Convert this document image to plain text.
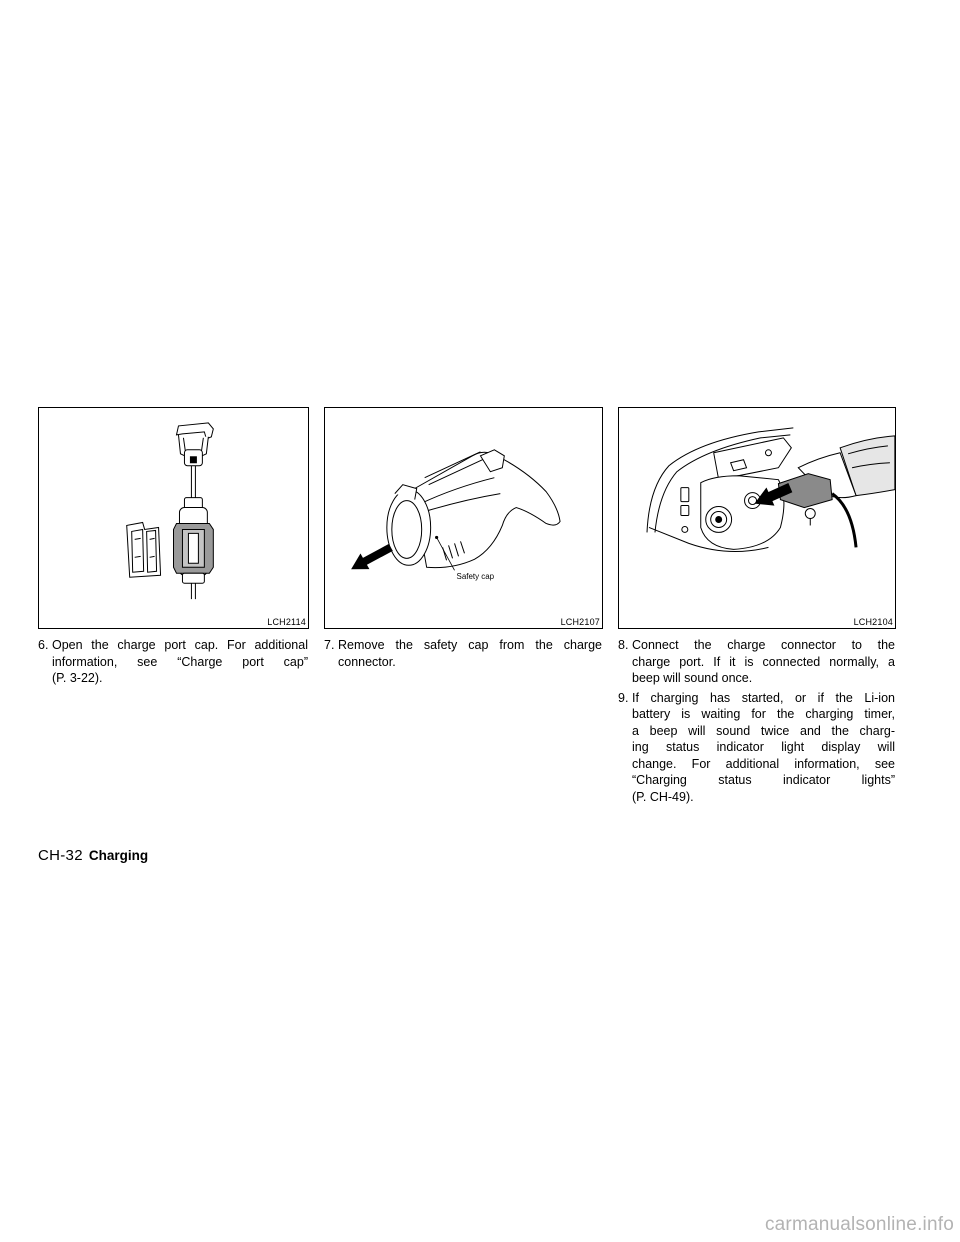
LCH2114
Safety cap
LCH2107	LCH2104
6. Open the charge port cap. For additional
information, see “Charge port cap”
(P. 3-22).
7. Remove the safety cap from the charge
connector.
8. Connect the charge connector to the
charge port. If it is connected normally, a
beep will sound once.
9. If charging has started, or if the Li-ion
battery is waiting for the charging timer,
a beep will sound twice and the charg-
ing status indicator light display will
change. For additional information, see
“Charging status indicator lights”
(P. CH-49).
CH-32 Charging
carmanualsonline.info
